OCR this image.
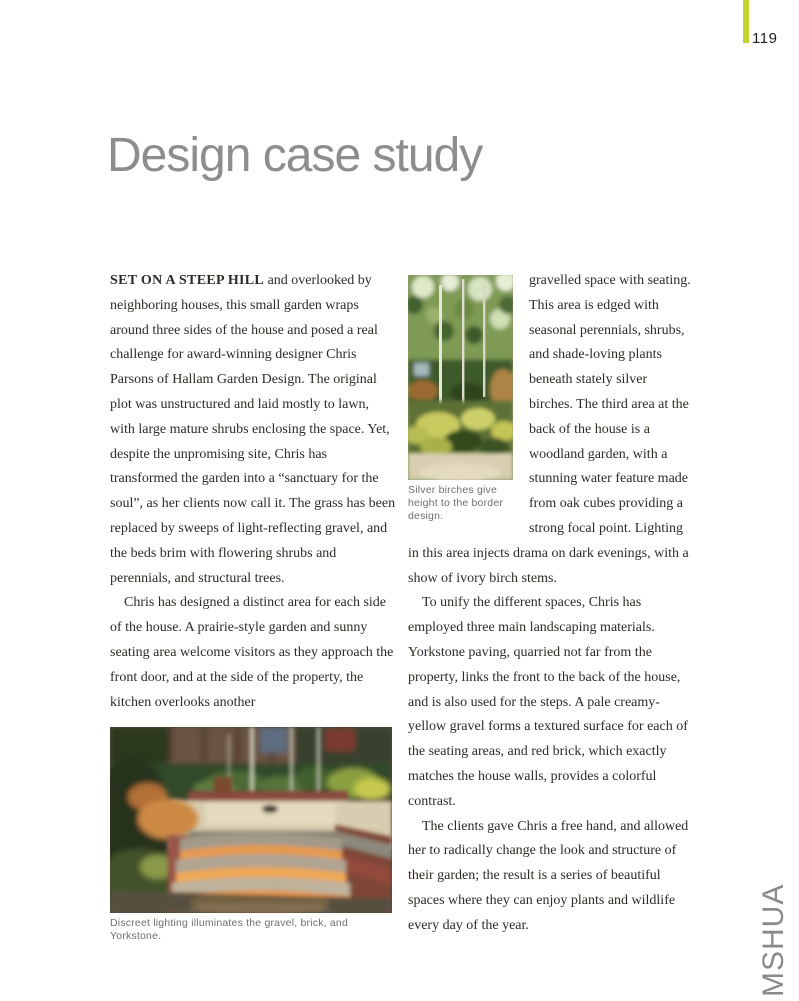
119
Design case study

SET ON A STEEP HILL and overlooked by neighboring houses, this small garden wraps around three sides of the house and posed a real challenge for award-winning designer Chris Parsons of Hallam Garden Design. The original plot was unstructured and laid mostly to lawn, with large mature shrubs enclosing the space. Yet, despite the unpromising site, Chris has transformed the garden into a “sanctuary for the soul”, as her clients now call it. The grass has been replaced by sweeps of light-reflecting gravel, and the beds brim with flowering shrubs and perennials, and structural trees.

Chris has designed a distinct area for each side of the house. A prairie-style garden and sunny seating area welcome visitors as they approach the front door, and at the side of the property, the kitchen overlooks another

Discreet lighting illuminates the gravel, brick, and Yorkstone.
Silver birches give height to the border design.

gravelled space with seating. This area is edged with seasonal perennials, shrubs, and shade-loving plants beneath stately silver birches. The third area at the back of the house is a woodland garden, with a stunning water feature made from oak cubes providing a strong focal point. Lighting in this area injects drama on dark evenings, with a show of ivory birch stems.

To unify the different spaces, Chris has employed three main landscaping materials. Yorkstone paving, quarried not far from the property, links the front to the back of the house, and is also used for the steps. A pale creamy-yellow gravel forms a textured surface for each of the seating areas, and red brick, which exactly matches the house walls, provides a colorful contrast.

The clients gave Chris a free hand, and allowed her to radically change the look and structure of their garden; the result is a series of beautiful spaces where they can enjoy plants and wildlife every day of the year.	MSHUA
